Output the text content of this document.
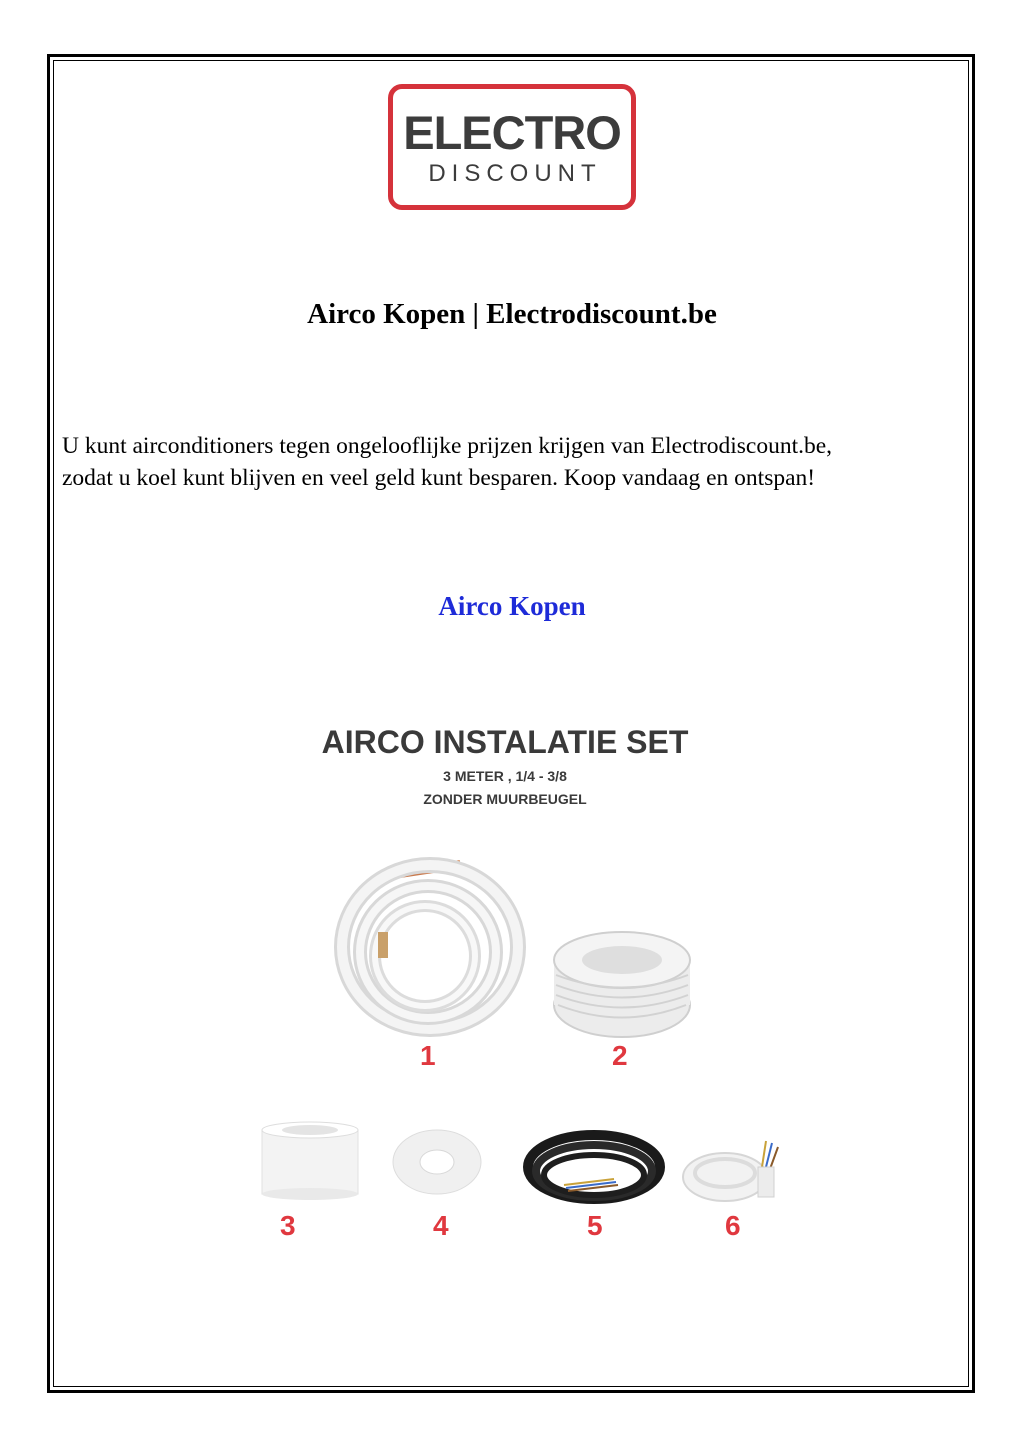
ELECTRO
DISCOUNT
Airco Kopen | Electrodiscount.be
U kunt airconditioners tegen ongelooflijke prijzen krijgen van Electrodiscount.be,
zodat u koel kunt blijven en veel geld kunt besparen. Koop vandaag en ontspan!
Airco Kopen
AIRCO INSTALATIE SET
3 METER , 1/4 - 3/8
ZONDER MUURBEUGEL
1	2
3	4	5	6
